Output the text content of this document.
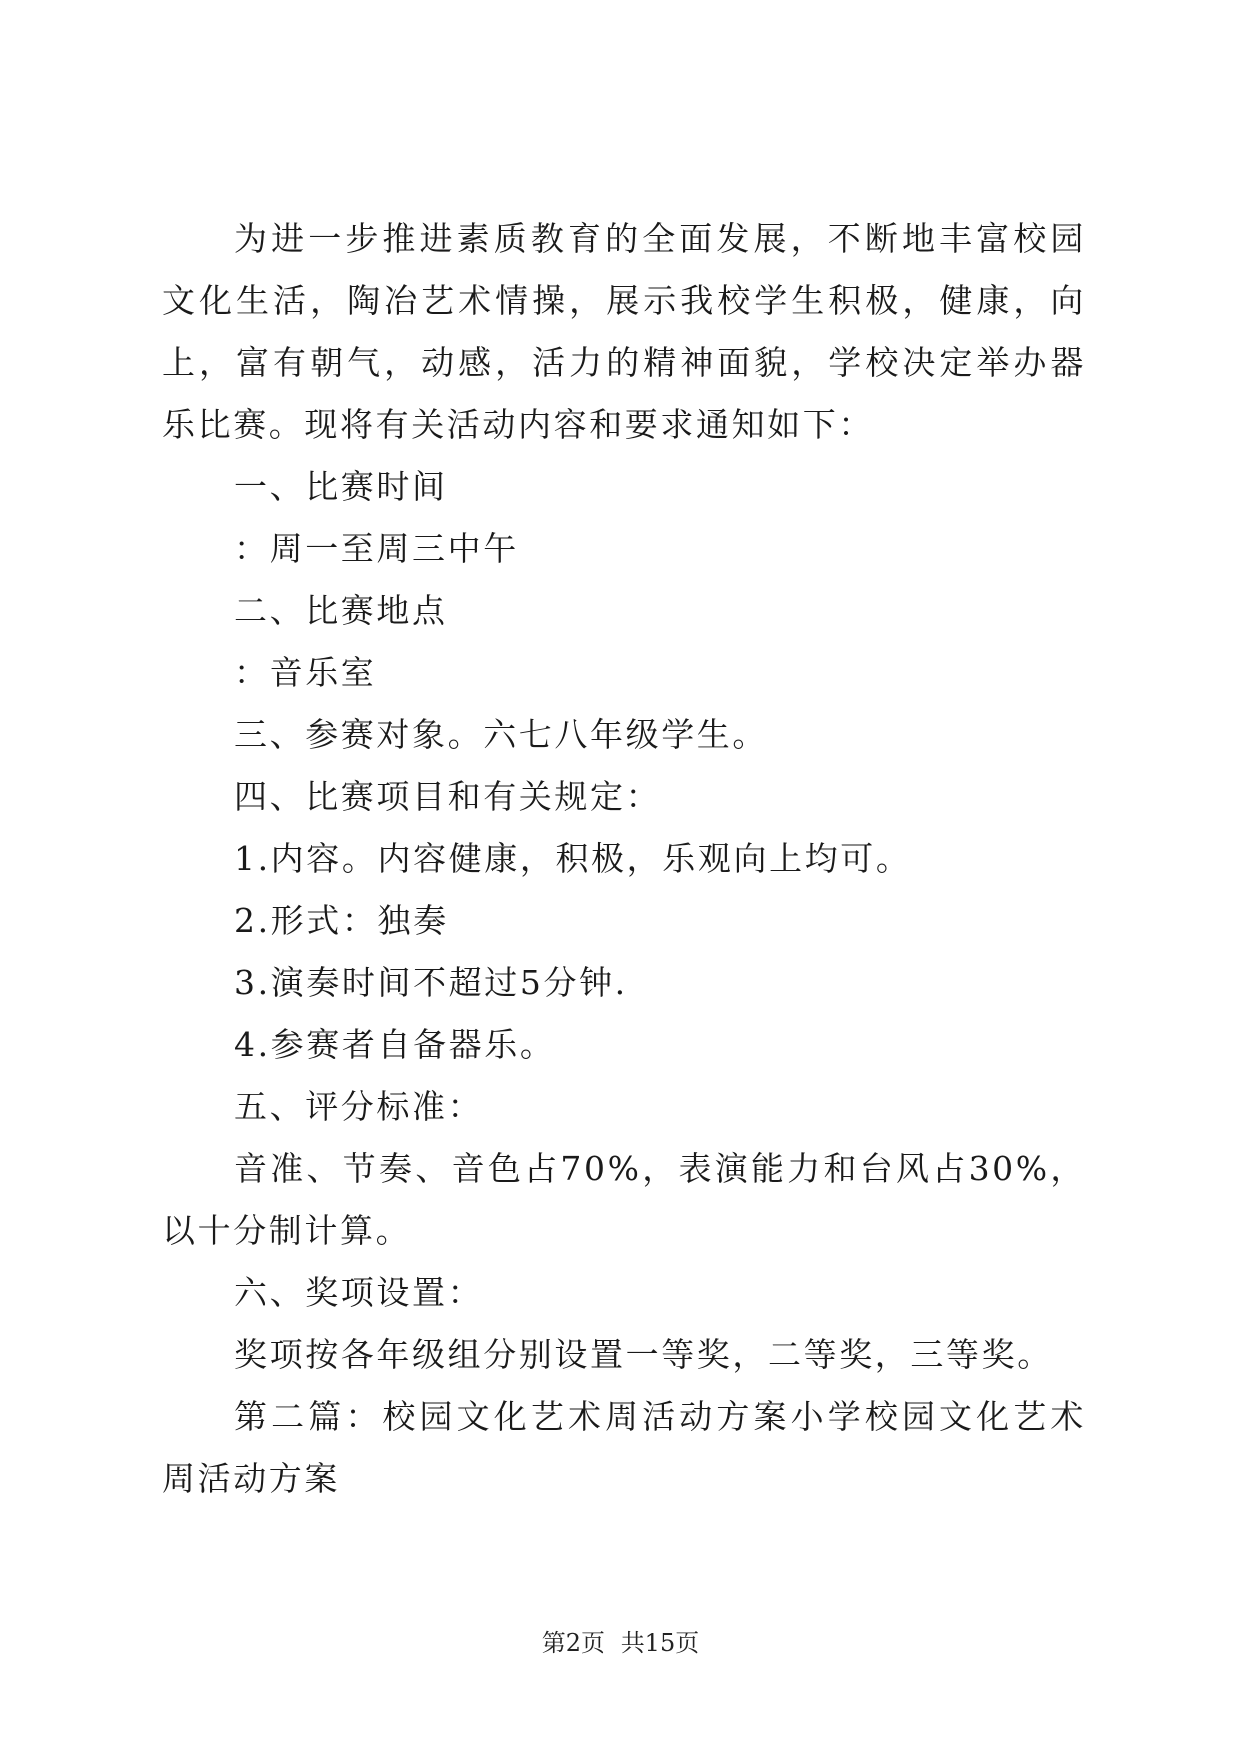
为进一步推进素质教育的全面发展，不断地丰富校园文化生活，陶冶艺术情操，展示我校学生积极，健康，向上，富有朝气，动感，活力的精神面貌，学校决定举办器乐比赛。现将有关活动内容和要求通知如下：

一、比赛时间

：周一至周三中午

二、比赛地点

：音乐室

三、参赛对象。六七八年级学生。

四、比赛项目和有关规定：

1.内容。内容健康，积极，乐观向上均可。

2.形式：独奏

3.演奏时间不超过5分钟.

4.参赛者自备器乐。

五、评分标准：

音准、节奏、音色占70%，表演能力和台风占30%，以十分制计算。

六、奖项设置：

奖项按各年级组分别设置一等奖，二等奖，三等奖。

第二篇：校园文化艺术周活动方案小学校园文化艺术周活动方案

第2页 共15页
